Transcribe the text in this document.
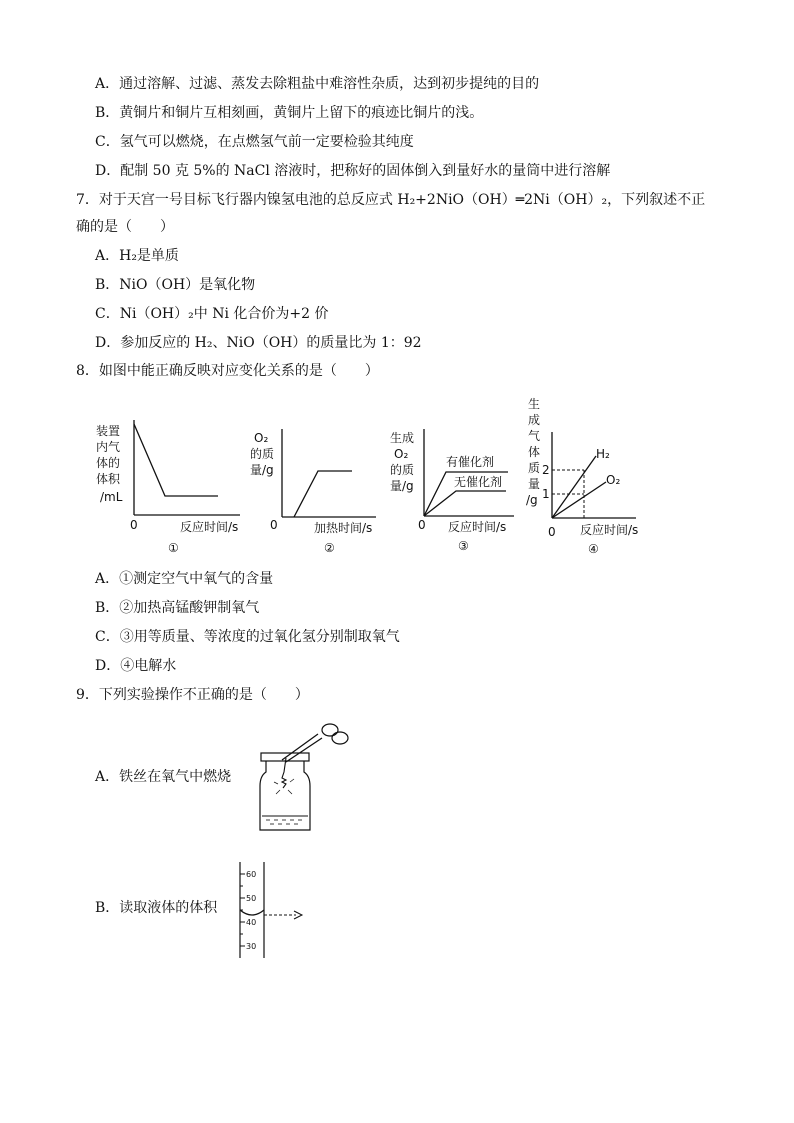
A．通过溶解、过滤、蒸发去除粗盐中难溶性杂质，达到初步提纯的目的
B．黄铜片和铜片互相刻画，黄铜片上留下的痕迹比铜片的浅。
C．氢气可以燃烧，在点燃氢气前一定要检验其纯度
D．配制 50 克 5%的 NaCl 溶液时，把称好的固体倒入到量好水的量筒中进行溶解
7．对于天宫一号目标飞行器内镍氢电池的总反应式 H₂+2NiO（OH）═2Ni（OH）₂，下列叙述不正
确的是（　　）
A．H₂是单质
B．NiO（OH）是氧化物
C．Ni（OH）₂中 Ni 化合价为+2 价
D．参加反应的 H₂、NiO（OH）的质量比为 1：92
8．如图中能正确反映对应变化关系的是（　　）
装置
内气
体的
体积
/mL
0	反应时间/s
①
O₂
的质
量/g
0	加热时间/s
②
生成
O₂
的质
量/g
有催化剂
无催化剂
0 反应时间/s
③
生
成
气
体
质
量
/g
2
1
H₂
O₂
0 反应时间/s
④
A．①测定空气中氧气的含量
B．②加热高锰酸钾制氧气
C．③用等质量、等浓度的过氧化氢分别制取氧气
D．④电解水
9．下列实验操作不正确的是（　　）
A．铁丝在氧气中燃烧
B．读取液体的体积
60
50
40
30
